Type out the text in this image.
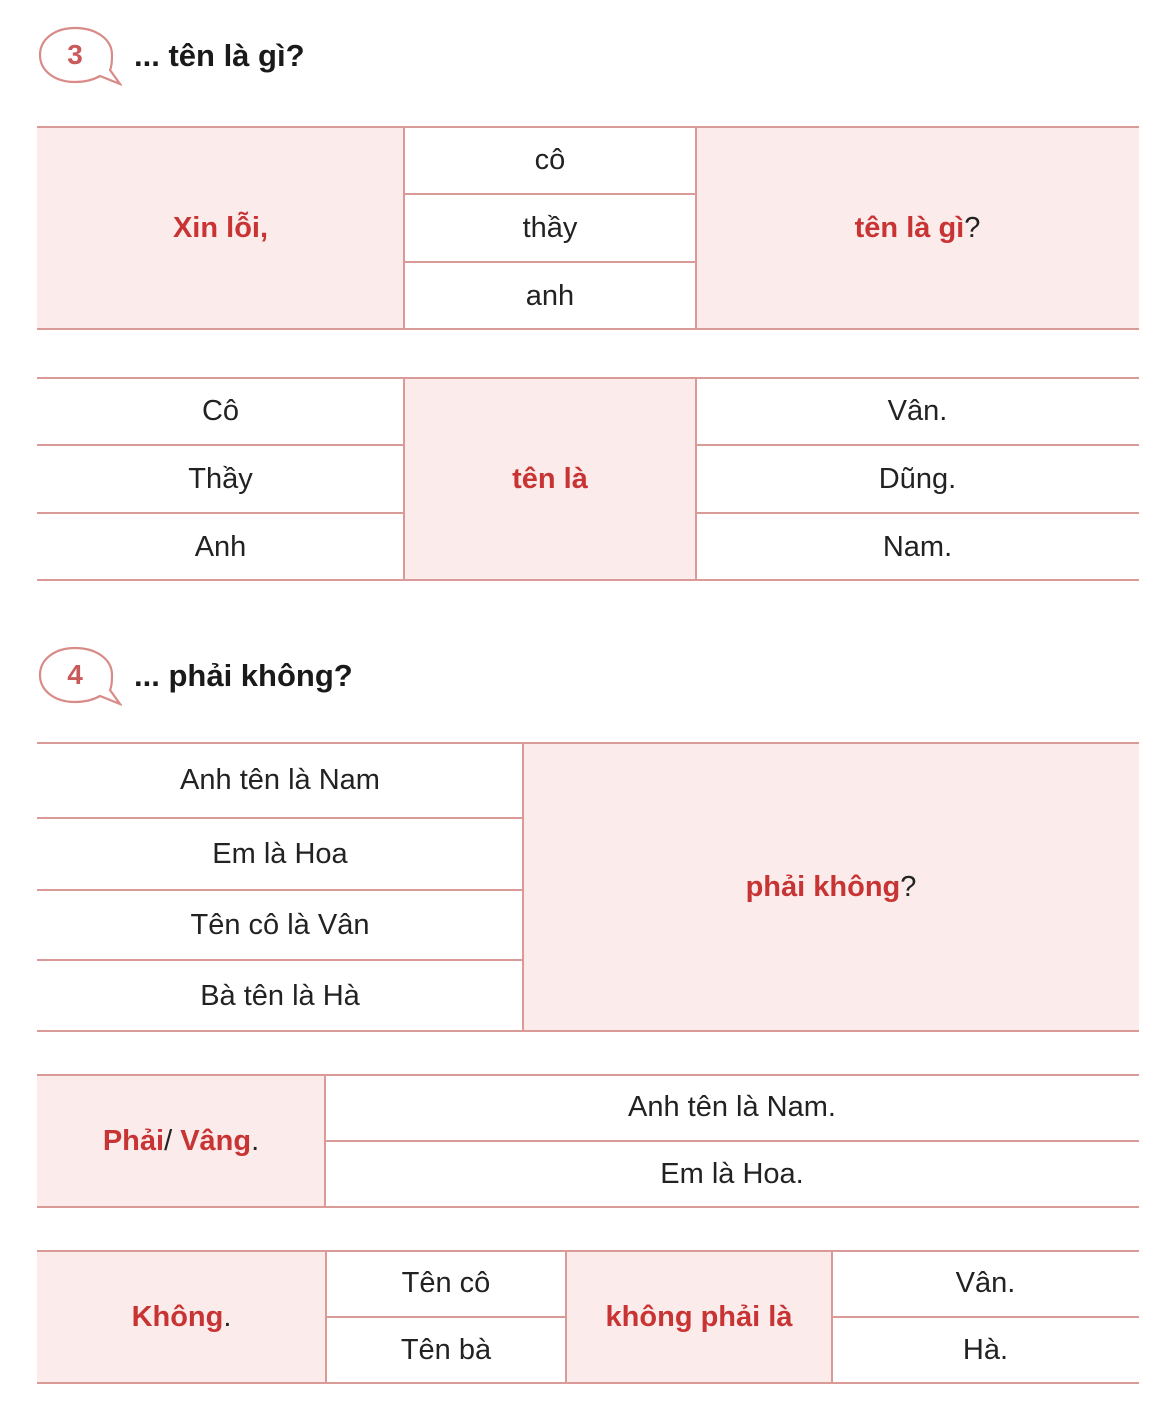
3	... tên là gì?
Xin lỗi,
cô
thầy
anh
tên là gì ?
Cô
Thầy
Anh
tên là
Vân.
Dũng.
Nam.
4	... phải không?
Anh tên là Nam
Em là Hoa
Tên cô là Vân
Bà tên là Hà
phải không ?
Phải / Vâng .
Anh tên là Nam.
Em là Hoa.
Không .
Tên cô
Tên bà
không phải là
Vân.
Hà.
